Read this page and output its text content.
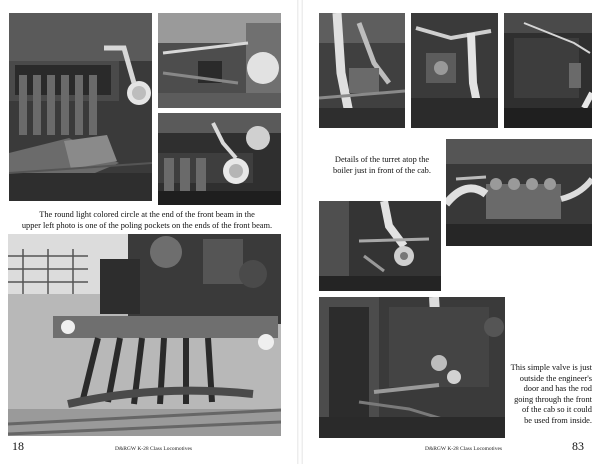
The round light colored circle at the end of the front beam in the
upper left photo is one of the poling pockets on the ends of the front beam.
18	D&RGW K-28 Class Locomotives
Details of the turret atop the
boiler just in front of the cab.
This simple valve is just
outside the engineer's
door and has the rod
going through the front
of the cab so it could
be used from inside.
D&RGW K-28 Class Locomotives	83
